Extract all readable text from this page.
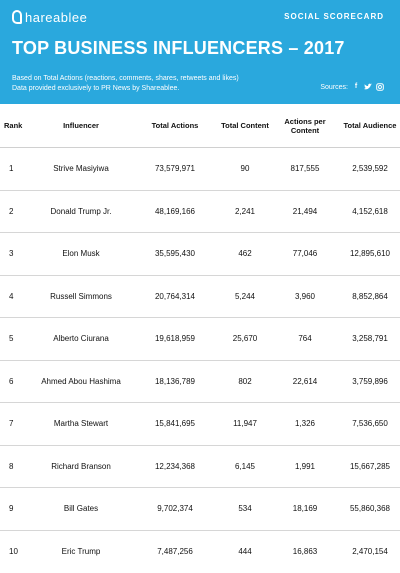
hareablee	SOCIAL SCORECARD
TOP BUSINESS INFLUENCERS – 2017
Based on Total Actions (reactions, comments, shares, retweets and likes)
Data provided exclusively to PR News by Shareablee.	Sources: f
Rank	Influencer	Total Actions	Total Content	Actions per Content	Total Audience
1	Strive Masiyiwa	73,579,971	90	817,555	2,539,592
2	Donald Trump Jr.	48,169,166	2,241	21,494	4,152,618
3	Elon Musk	35,595,430	462	77,046	12,895,610
4	Russell Simmons	20,764,314	5,244	3,960	8,852,864
5	Alberto Ciurana	19,618,959	25,670	764	3,258,791
6	Ahmed Abou Hashima	18,136,789	802	22,614	3,759,896
7	Martha Stewart	15,841,695	11,947	1,326	7,536,650
8	Richard Branson	12,234,368	6,145	1,991	15,667,285
9	Bill Gates	9,702,374	534	18,169	55,860,368
10	Eric Trump	7,487,256	444	16,863	2,470,154
